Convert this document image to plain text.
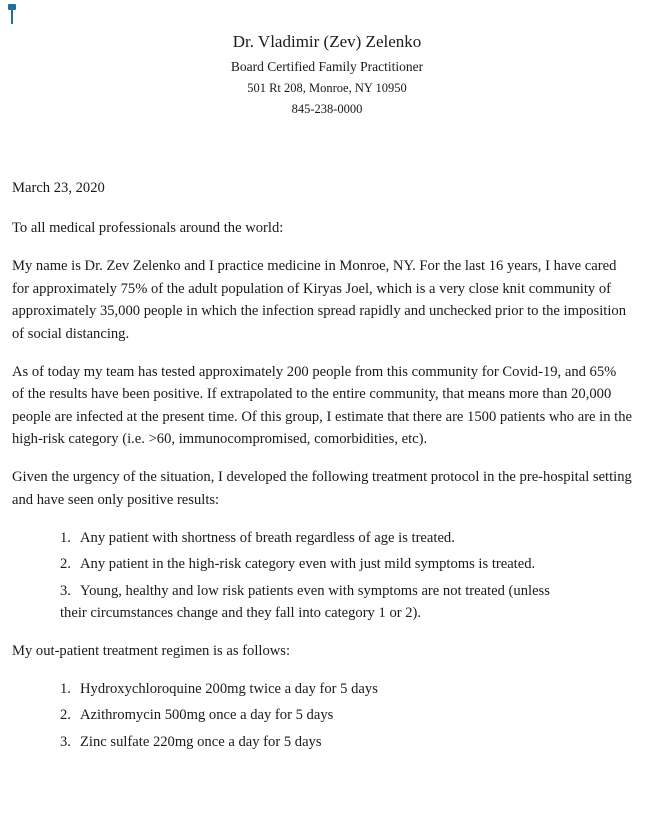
Dr. Vladimir (Zev) Zelenko
Board Certified Family Practitioner
501 Rt 208, Monroe, NY 10950
845-238-0000

March 23, 2020

To all medical professionals around the world:

My name is Dr. Zev Zelenko and I practice medicine in Monroe, NY. For the last 16 years, I have cared for approximately 75% of the adult population of Kiryas Joel, which is a very close knit community of approximately 35,000 people in which the infection spread rapidly and unchecked prior to the imposition of social distancing.

As of today my team has tested approximately 200 people from this community for Covid-19, and 65% of the results have been positive. If extrapolated to the entire community, that means more than 20,000 people are infected at the present time. Of this group, I estimate that there are 1500 patients who are in the high-risk category (i.e. >60, immunocompromised, comorbidities, etc).

Given the urgency of the situation, I developed the following treatment protocol in the pre-hospital setting and have seen only positive results:

1. Any patient with shortness of breath regardless of age is treated.
2. Any patient in the high-risk category even with just mild symptoms is treated.
3. Young, healthy and low risk patients even with symptoms are not treated (unless
their circumstances change and they fall into category 1 or 2).

My out-patient treatment regimen is as follows:

1. Hydroxychloroquine 200mg twice a day for 5 days
2. Azithromycin 500mg once a day for 5 days
3. Zinc sulfate 220mg once a day for 5 days
